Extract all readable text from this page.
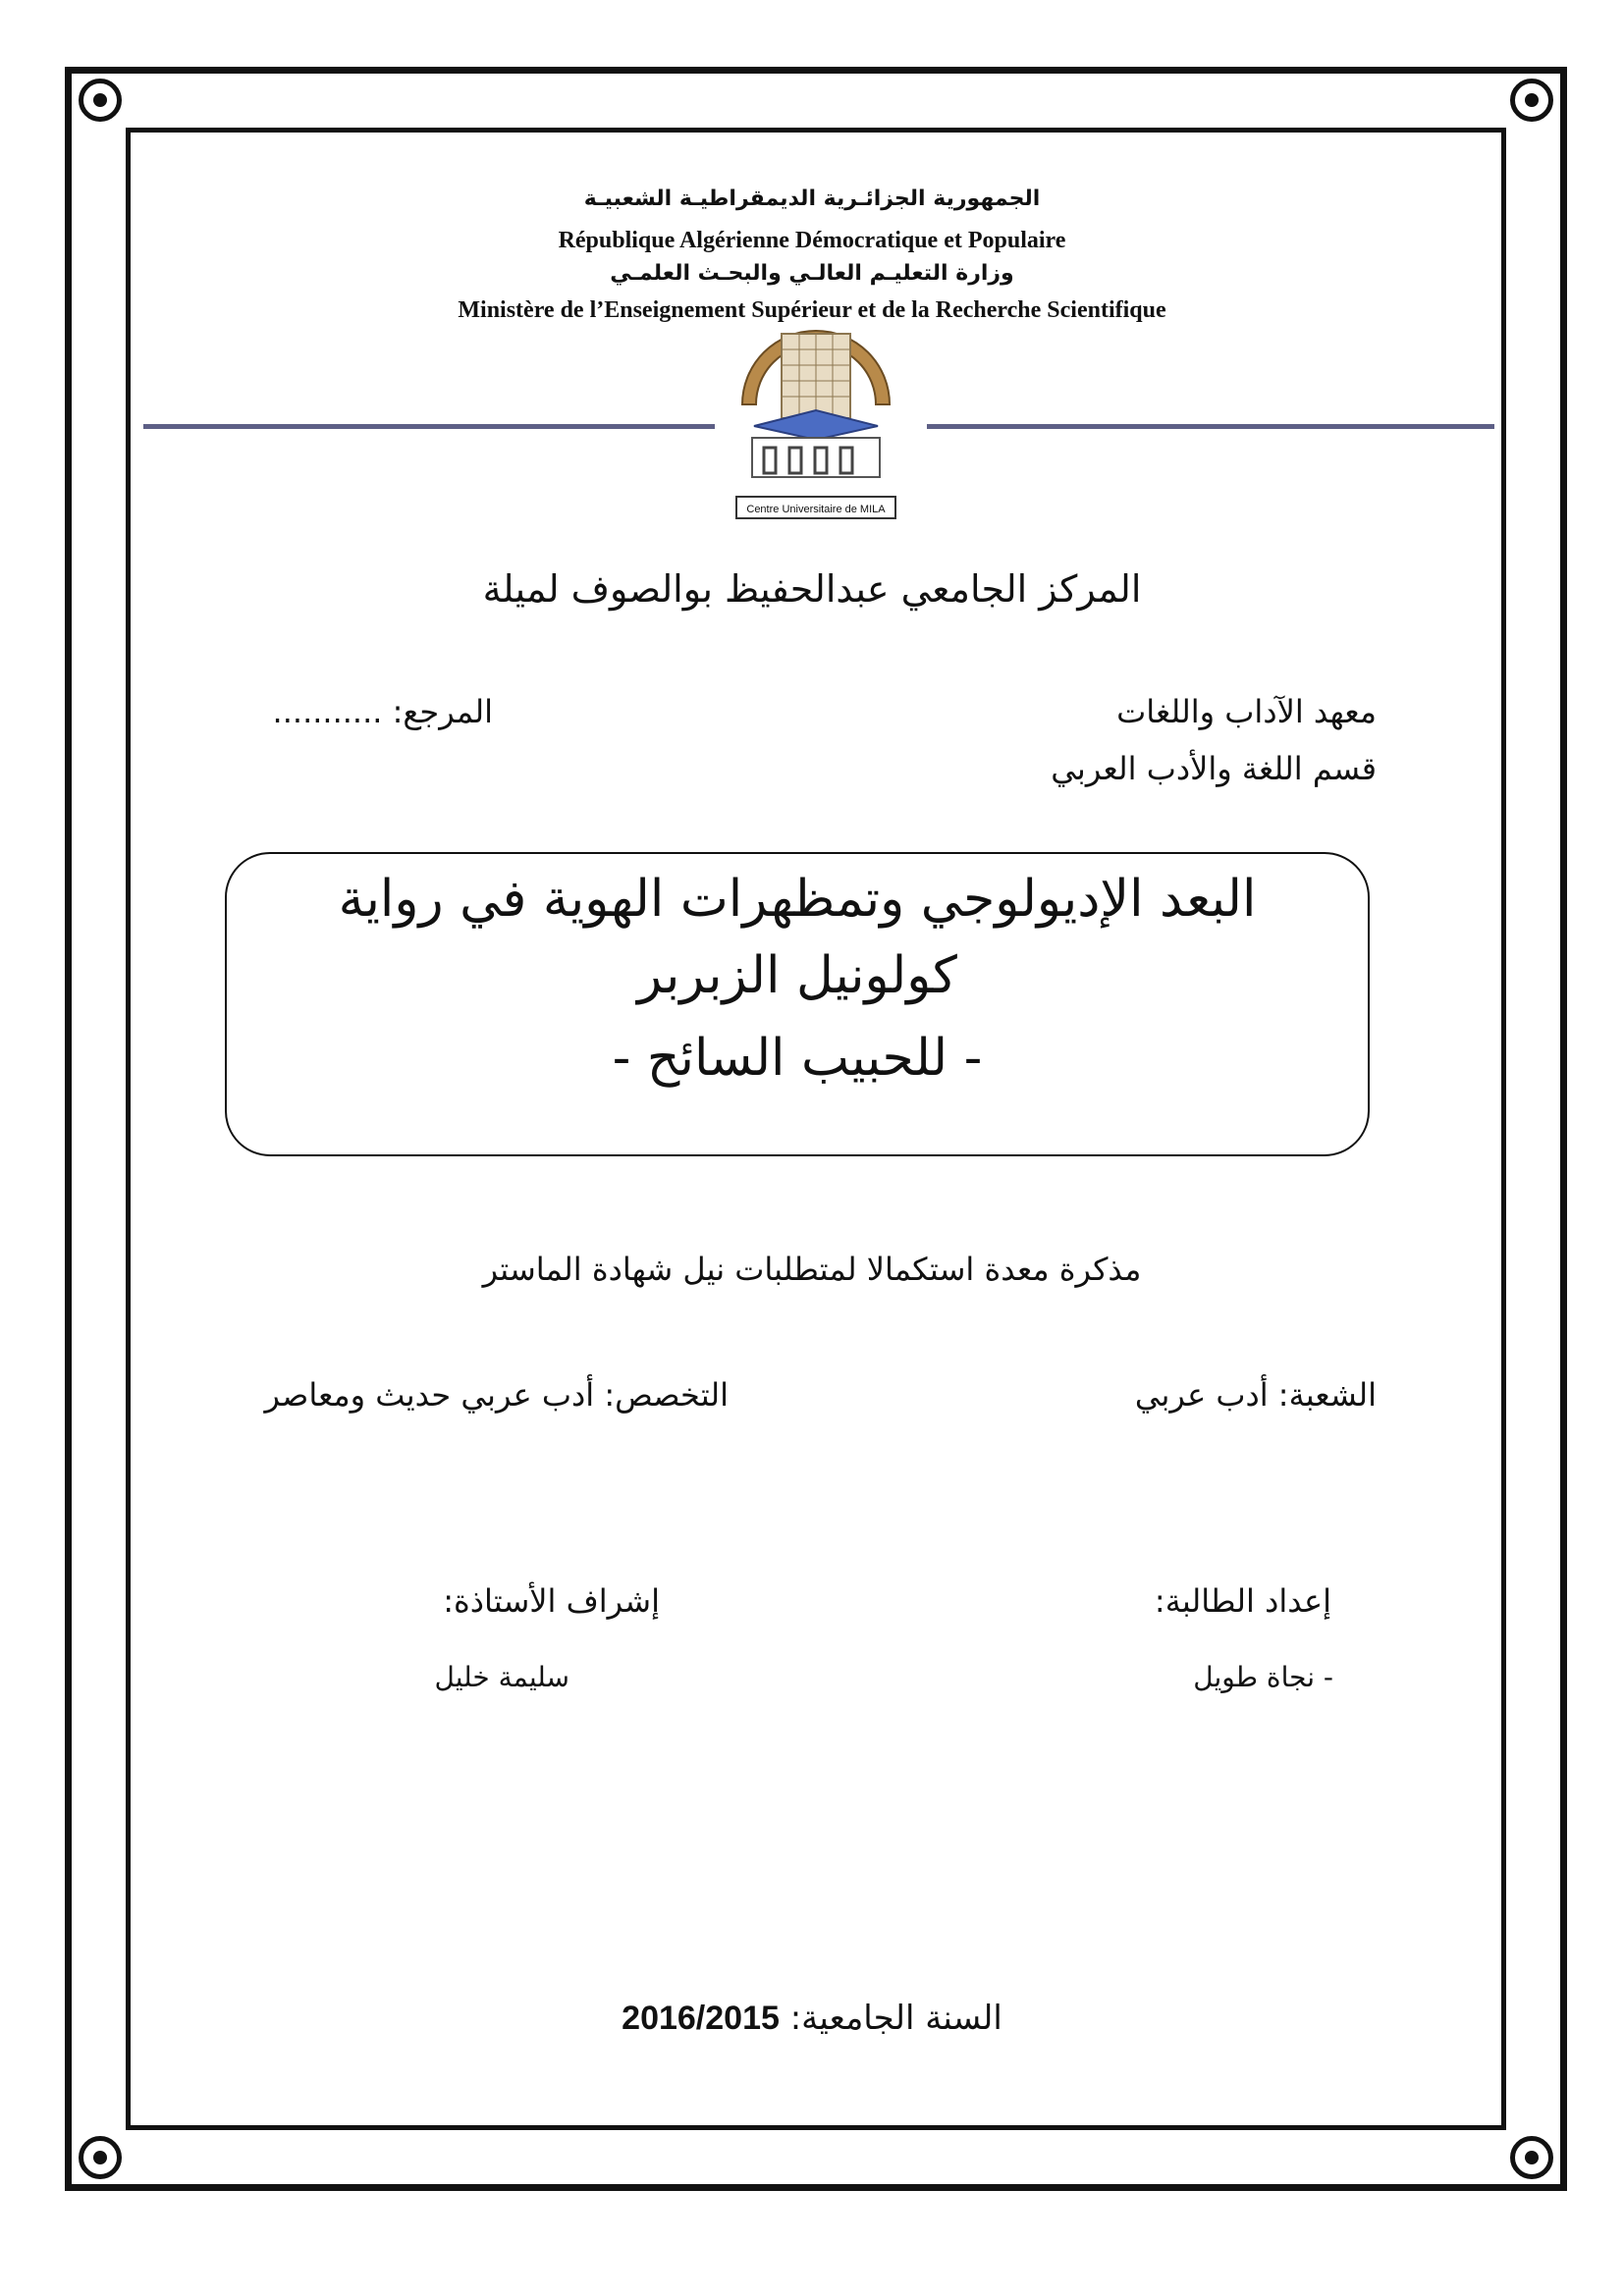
الجمهورية الجزائـرية الديمقراطيـة الشعبيـة
République Algérienne Démocratique et Populaire
وزارة التعليـم العالـي والبحـث العلمـي
Ministère de l’Enseignement Supérieur et de la Recherche Scientifique
Centre Universitaire de MILA
المركز الجامعي عبدالحفيظ بوالصوف لميلة
معهد الآداب واللغات
قسم اللغة والأدب العربي
المرجع: ...........
البعد الإديولوجي وتمظهرات الهوية في رواية
كولونيل الزبربر
- للحبيب السائح -
مذكرة معدة استكمالا لمتطلبات نيل شهادة الماستر
الشعبة: أدب عربي
التخصص: أدب عربي حديث ومعاصر
إعداد الطالبة:
إشراف الأستاذة:
- نجاة طويل
سليمة خليل
السنة الجامعية: 2016/2015
